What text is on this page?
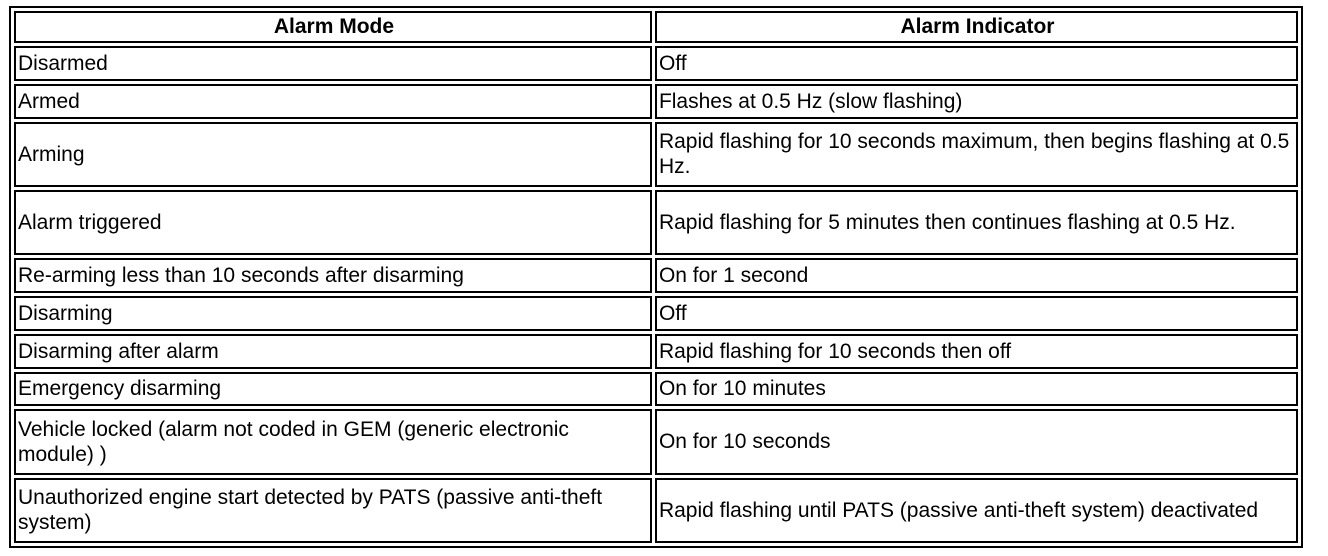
Alarm Mode	Alarm Indicator
Disarmed	Off
Armed	Flashes at 0.5 Hz (slow flashing)
Arming	Rapid flashing for 10 seconds maximum, then begins flashing at 0.5 Hz.
Alarm triggered	Rapid flashing for 5 minutes then continues flashing at 0.5 Hz.
Re-arming less than 10 seconds after disarming	On for 1 second
Disarming	Off
Disarming after alarm	Rapid flashing for 10 seconds then off
Emergency disarming	On for 10 minutes
Vehicle locked (alarm not coded in GEM (generic electronic module) )	On for 10 seconds
Unauthorized engine start detected by PATS (passive anti-theft system)	Rapid flashing until PATS (passive anti-theft system) deactivated
